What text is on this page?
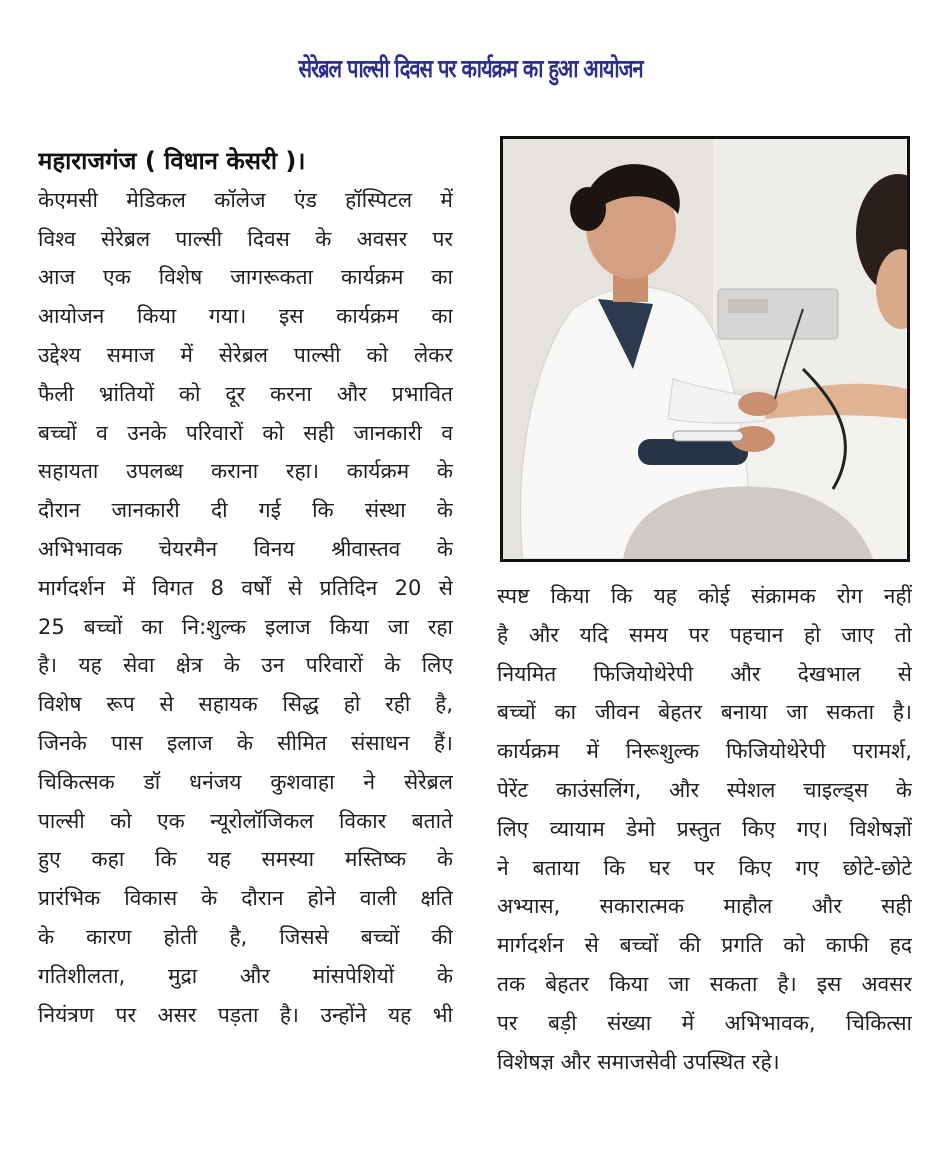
सेरेब्रल पाल्सी दिवस पर कार्यक्रम का हुआ आयोजन
महाराजगंज ( विधान केसरी )।
केएमसी मेडिकल कॉलेज एंड हॉस्पिटल में
विश्व सेरेब्रल पाल्सी दिवस के अवसर पर
आज एक विशेष जागरूकता कार्यक्रम का
आयोजन किया गया। इस कार्यक्रम का
उद्देश्य समाज में सेरेब्रल पाल्सी को लेकर
फैली भ्रांतियों को दूर करना और प्रभावित
बच्चों व उनके परिवारों को सही जानकारी व
सहायता उपलब्ध कराना रहा। कार्यक्रम के
दौरान जानकारी दी गई कि संस्था के
अभिभावक चेयरमैन विनय श्रीवास्तव के
मार्गदर्शन में विगत 8 वर्षों से प्रतिदिन 20 से
25 बच्चों का नि:शुल्क इलाज किया जा रहा
है। यह सेवा क्षेत्र के उन परिवारों के लिए
विशेष रूप से सहायक सिद्ध हो रही है,
जिनके पास इलाज के सीमित संसाधन हैं।
चिकित्सक डॉ धनंजय कुशवाहा ने सेरेब्रल
पाल्सी को एक न्यूरोलॉजिकल विकार बताते
हुए कहा कि यह समस्या मस्तिष्क के
प्रारंभिक विकास के दौरान होने वाली क्षति
के कारण होती है, जिससे बच्चों की
गतिशीलता, मुद्रा और मांसपेशियों के
नियंत्रण पर असर पड़ता है। उन्होंने यह भी
स्पष्ट किया कि यह कोई संक्रामक रोग नहीं
है और यदि समय पर पहचान हो जाए तो
नियमित फिजियोथेरेपी और देखभाल से
बच्चों का जीवन बेहतर बनाया जा सकता है।
कार्यक्रम में निरूशुल्क फिजियोथेरेपी परामर्श,
पेरेंट काउंसलिंग, और स्पेशल चाइल्ड्स के
लिए व्यायाम डेमो प्रस्तुत किए गए। विशेषज्ञों
ने बताया कि घर पर किए गए छोटे-छोटे
अभ्यास, सकारात्मक माहौल और सही
मार्गदर्शन से बच्चों की प्रगति को काफी हद
तक बेहतर किया जा सकता है। इस अवसर
पर बड़ी संख्या में अभिभावक, चिकित्सा
विशेषज्ञ और समाजसेवी उपस्थित रहे।
